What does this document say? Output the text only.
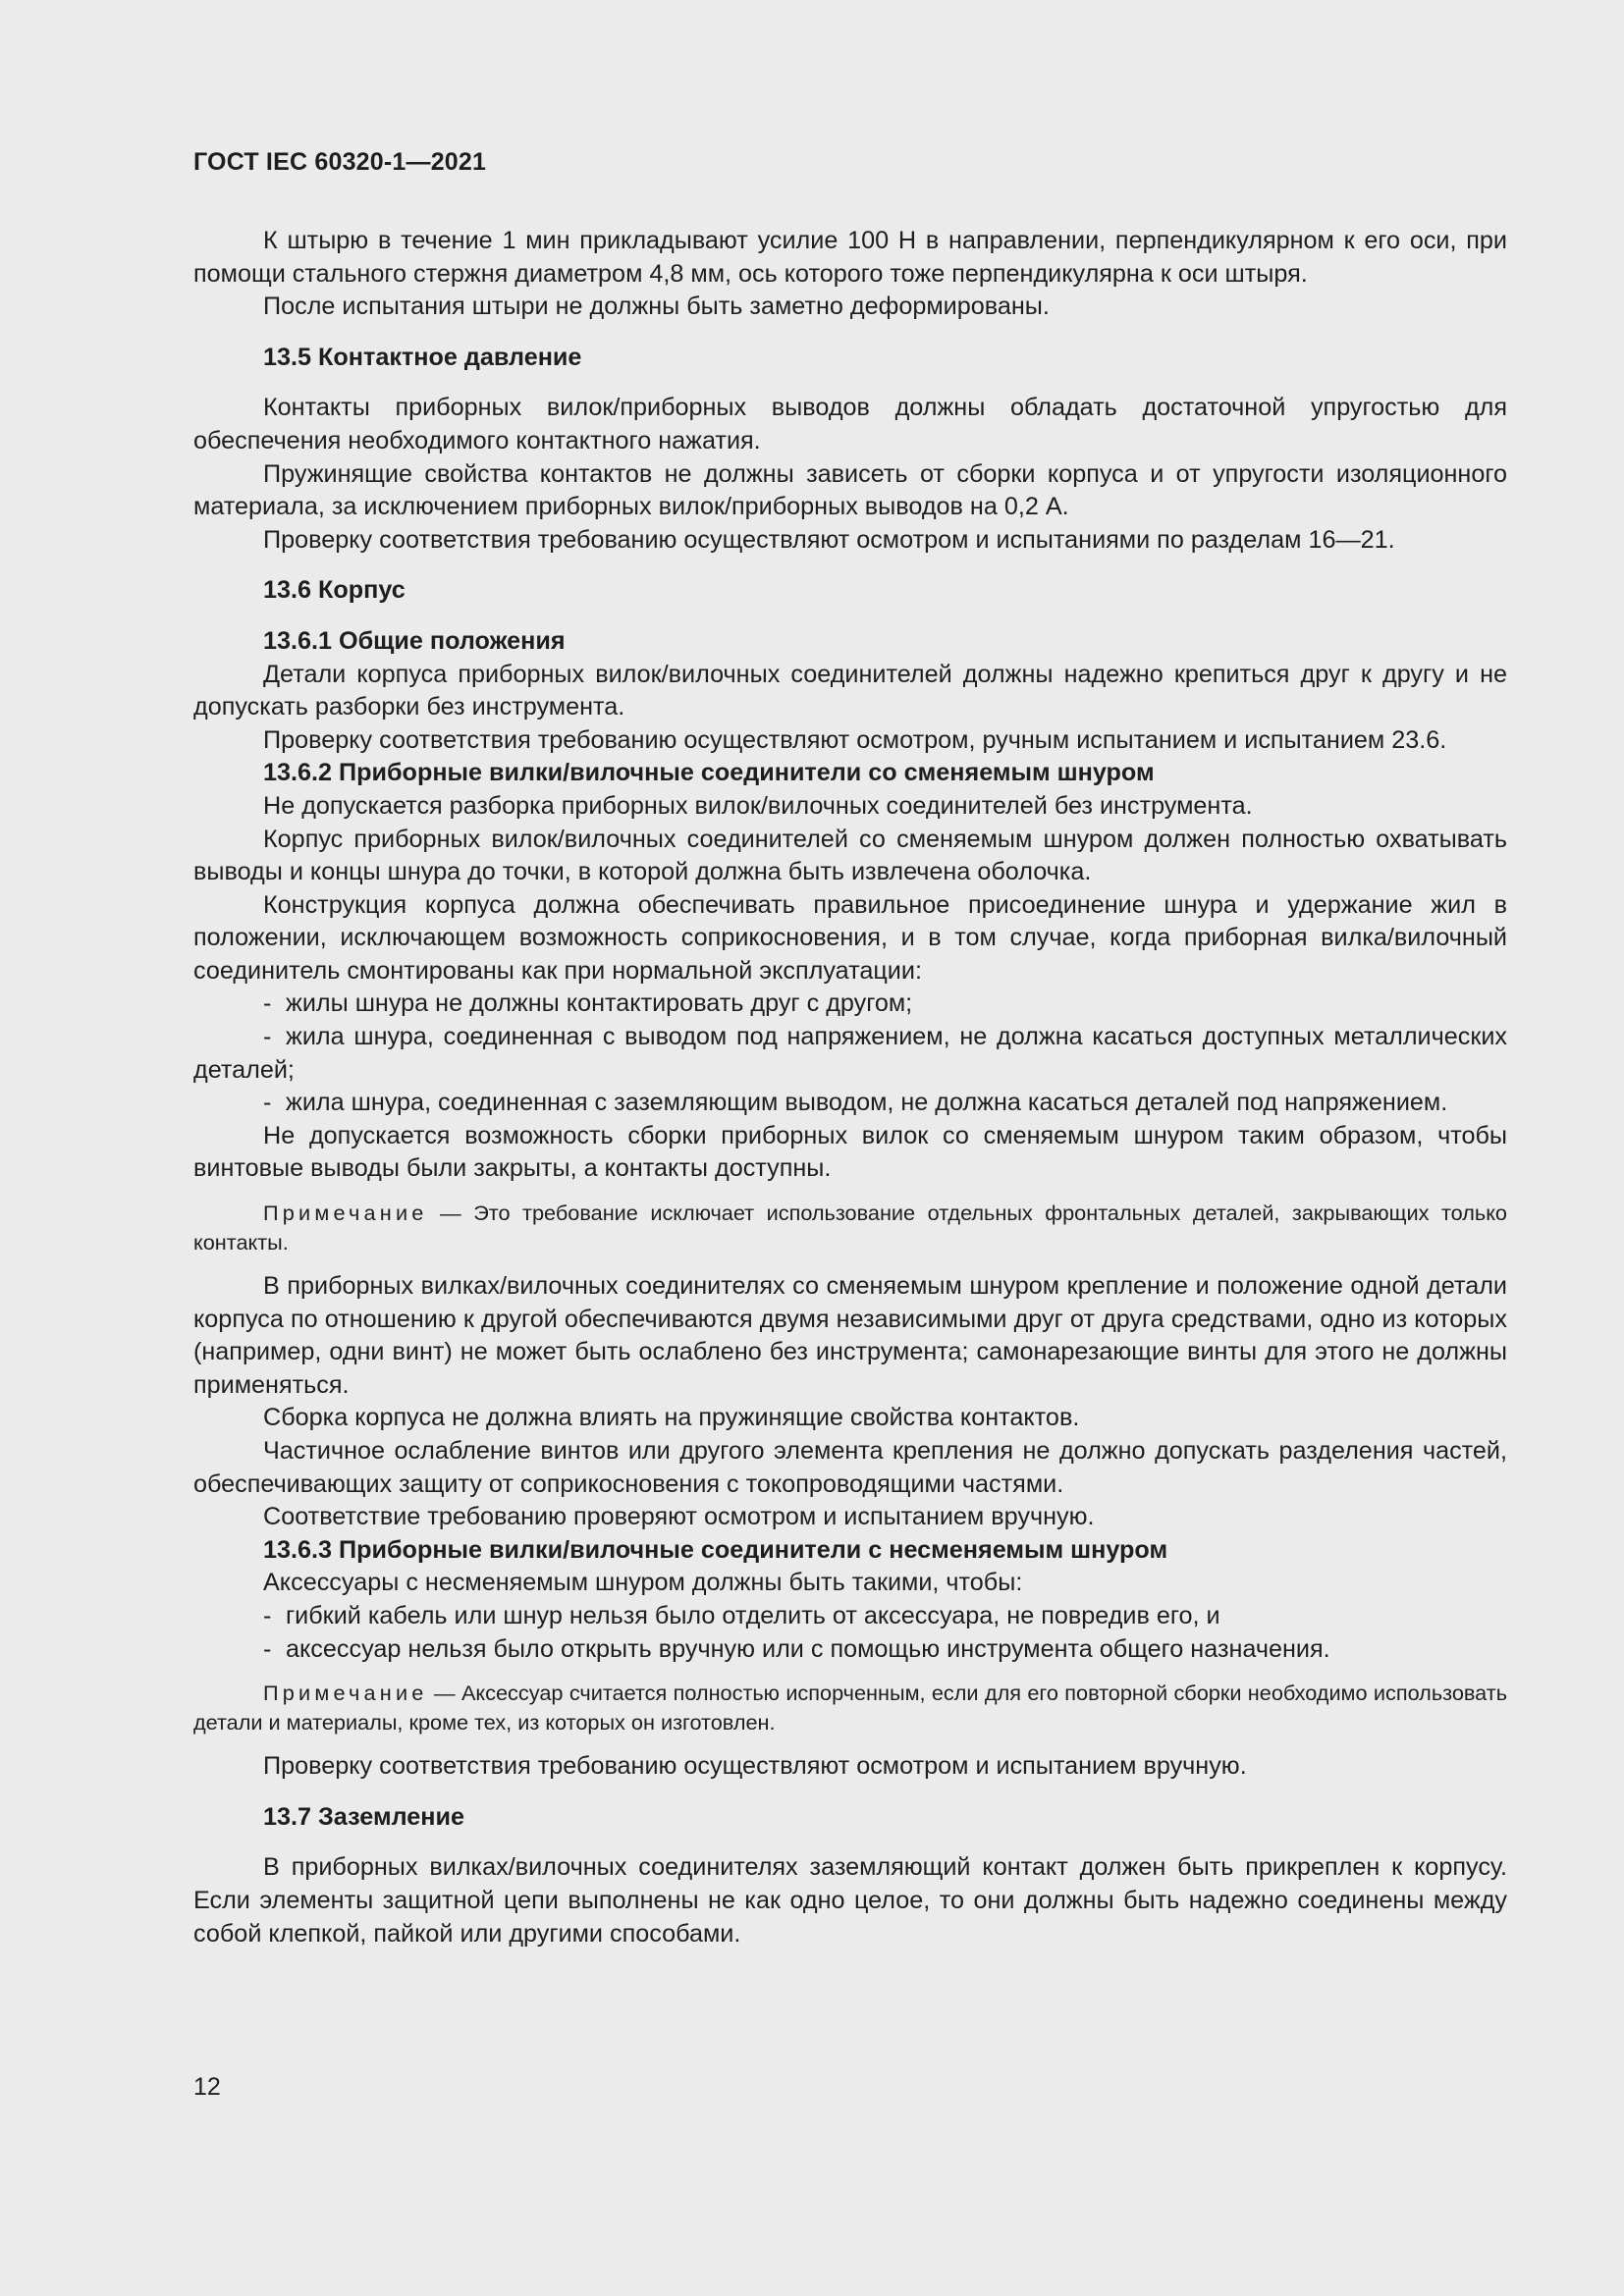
ГОСТ IEC 60320-1—2021

К штырю в течение 1 мин прикладывают усилие 100 Н в направлении, перпендикулярном к его оси, при помощи стального стержня диаметром 4,8 мм, ось которого тоже перпендикулярна к оси штыря.

После испытания штыри не должны быть заметно деформированы.

13.5 Контактное давление

Контакты приборных вилок/приборных выводов должны обладать достаточной упругостью для обеспечения необходимого контактного нажатия.

Пружинящие свойства контактов не должны зависеть от сборки корпуса и от упругости изоляционного материала, за исключением приборных вилок/приборных выводов на 0,2 А.

Проверку соответствия требованию осуществляют осмотром и испытаниями по разделам 16—21.

13.6 Корпус
13.6.1 Общие положения

Детали корпуса приборных вилок/вилочных соединителей должны надежно крепиться друг к другу и не допускать разборки без инструмента.

Проверку соответствия требованию осуществляют осмотром, ручным испытанием и испытанием 23.6.

13.6.2 Приборные вилки/вилочные соединители со сменяемым шнуром

Не допускается разборка приборных вилок/вилочных соединителей без инструмента.

Корпус приборных вилок/вилочных соединителей со сменяемым шнуром должен полностью охватывать выводы и концы шнура до точки, в которой должна быть извлечена оболочка.

Конструкция корпуса должна обеспечивать правильное присоединение шнура и удержание жил в положении, исключающем возможность соприкосновения, и в том случае, когда приборная вилка/вилочный соединитель смонтированы как при нормальной эксплуатации:

- жилы шнура не должны контактировать друг с другом;

- жила шнура, соединенная с выводом под напряжением, не должна касаться доступных металлических деталей;

- жила шнура, соединенная с заземляющим выводом, не должна касаться деталей под напряжением.

Не допускается возможность сборки приборных вилок со сменяемым шнуром таким образом, чтобы винтовые выводы были закрыты, а контакты доступны.

Примечание — Это требование исключает использование отдельных фронтальных деталей, закрывающих только контакты.

В приборных вилках/вилочных соединителях со сменяемым шнуром крепление и положение одной детали корпуса по отношению к другой обеспечиваются двумя независимыми друг от друга средствами, одно из которых (например, одни винт) не может быть ослаблено без инструмента; самонарезающие винты для этого не должны применяться.

Сборка корпуса не должна влиять на пружинящие свойства контактов.

Частичное ослабление винтов или другого элемента крепления не должно допускать разделения частей, обеспечивающих защиту от соприкосновения с токопроводящими частями.

Соответствие требованию проверяют осмотром и испытанием вручную.

13.6.3 Приборные вилки/вилочные соединители с несменяемым шнуром

Аксессуары с несменяемым шнуром должны быть такими, чтобы:

- гибкий кабель или шнур нельзя было отделить от аксессуара, не повредив его, и

- аксессуар нельзя было открыть вручную или с помощью инструмента общего назначения.

Примечание — Аксессуар считается полностью испорченным, если для его повторной сборки необходимо использовать детали и материалы, кроме тех, из которых он изготовлен.

Проверку соответствия требованию осуществляют осмотром и испытанием вручную.

13.7 Заземление

В приборных вилках/вилочных соединителях заземляющий контакт должен быть прикреплен к корпусу. Если элементы защитной цепи выполнены не как одно целое, то они должны быть надежно соединены между собой клепкой, пайкой или другими способами.

12
